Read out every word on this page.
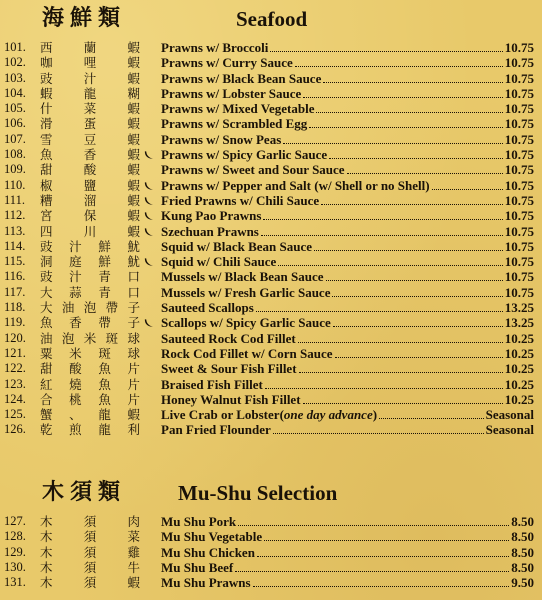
海鮮類	Seafood
101.	西 蘭 蝦 Prawns w/ Broccoli	10.75
102.	咖 哩 蝦 Prawns w/ Curry Sauce	10.75
103.	豉 汁 蝦 Prawns w/ Black Bean Sauce	10.75
104.	蝦 龍 糊 Prawns w/ Lobster Sauce	10.75
105.	什 菜 蝦 Prawns w/ Mixed Vegetable	10.75
106.	滑 蛋 蝦 Prawns w/ Scrambled Egg	10.75
107.	雪 豆 蝦 Prawns w/ Snow Peas	10.75
108.	魚 香 蝦 Prawns w/ Spicy Garlic Sauce	10.75
109.	甜 酸 蝦 Prawns w/ Sweet and Sour Sauce	10.75
110.	椒 鹽 蝦 Prawns w/ Pepper and Salt (w/ Shell or no Shell)	10.75
111.	糟 溜 蝦 Fried Prawns w/ Chili Sauce	10.75
112.	宮 保 蝦 Kung Pao Prawns	10.75
113.	四 川 蝦 Szechuan Prawns	10.75
114.	豉 汁 鮮 魷 Squid w/ Black Bean Sauce	10.75
115.	洞 庭 鮮 魷 Squid w/ Chili Sauce	10.75
116.	豉 汁 青 口 Mussels w/ Black Bean Sauce	10.75
117.	大 蒜 青 口 Mussels w/ Fresh Garlic Sauce	10.75
118.	大 油 泡 帶 子 Sauteed Scallops	13.25
119.	魚 香 帶 子 Scallops w/ Spicy Garlic Sauce	13.25
120.	油 泡 米 斑 球 Sauteed Rock Cod Fillet	10.25
121.	粟 米 斑 球 Rock Cod Fillet w/ Corn Sauce	10.25
122.	甜 酸 魚 片 Sweet & Sour Fish Fillet	10.25
123.	紅 燒 魚 片 Braised Fish Fillet	10.25
124.	合 桃 魚 片 Honey Walnut Fish Fillet	10.25
125.	蟹 、 龍 蝦 Live Crab or Lobster ( one day advance )	Seasonal
126.	乾 煎 龍 利 Pan Fried Flounder	Seasonal
木須類 Mu-Shu Selection
127.	木 須 肉 Mu Shu Pork	8.50
128.	木 須 菜 Mu Shu Vegetable	8.50
129.	木 須 雞 Mu Shu Chicken	8.50
130.	木 須 牛 Mu Shu Beef	8.50
131.	木 須 蝦 Mu Shu Prawns	9.50
